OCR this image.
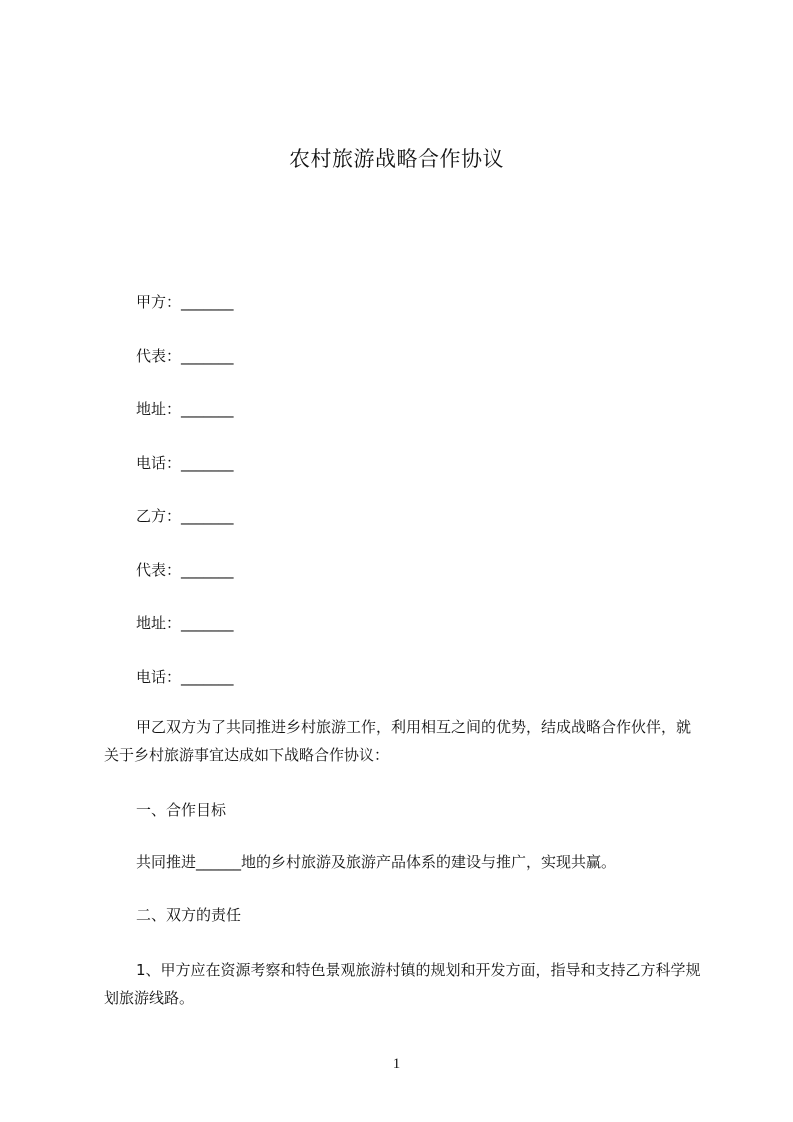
农村旅游战略合作协议
甲方：_______
代表：_______
地址：_______
电话：_______
乙方：_______
代表：_______
地址：_______
电话：_______
甲乙双方为了共同推进乡村旅游工作，利用相互之间的优势，结成战略合作伙伴，就关于乡村旅游事宜达成如下战略合作协议：
一、合作目标
共同推进______地的乡村旅游及旅游产品体系的建设与推广，实现共赢。
二、双方的责任
1、甲方应在资源考察和特色景观旅游村镇的规划和开发方面，指导和支持乙方科学规划旅游线路。
1
